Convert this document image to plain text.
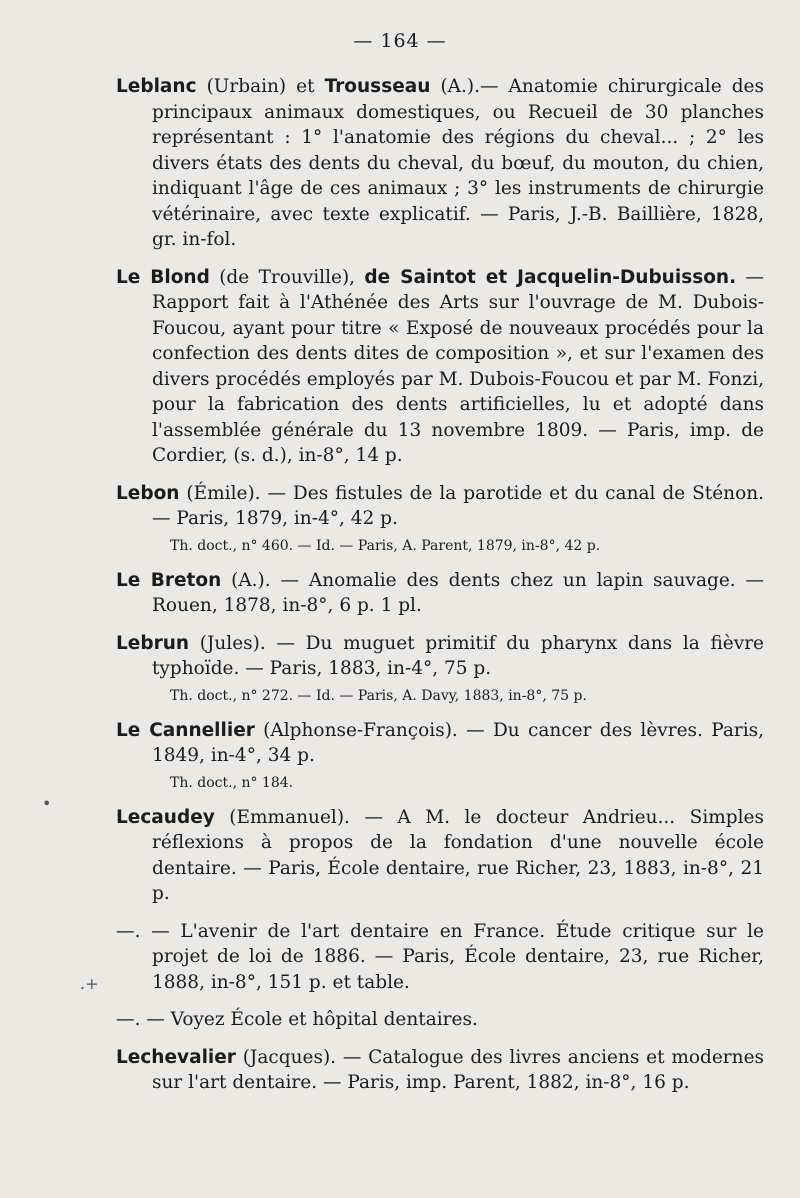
— 164 —

Leblanc (Urbain) et Trousseau (A.).— Anatomie chirurgicale des principaux animaux domestiques, ou Recueil de 30 planches représentant : 1° l'anatomie des régions du cheval... ; 2° les divers états des dents du cheval, du bœuf, du mouton, du chien, indiquant l'âge de ces animaux ; 3° les instruments de chirurgie vétérinaire, avec texte explicatif. — Paris, J.-B. Baillière, 1828, gr. in-fol.

Le Blond (de Trouville), de Saintot et Jacquelin-Dubuisson. — Rapport fait à l'Athénée des Arts sur l'ouvrage de M. Dubois-Foucou, ayant pour titre « Exposé de nouveaux procédés pour la confection des dents dites de composition », et sur l'examen des divers procédés employés par M. Dubois-Foucou et par M. Fonzi, pour la fabrication des dents artificielles, lu et adopté dans l'assemblée générale du 13 novembre 1809. — Paris, imp. de Cordier, (s. d.), in-8°, 14 p.

Lebon (Émile). — Des fistules de la parotide et du canal de Sténon. — Paris, 1879, in-4°, 42 p.

Th. doct., n° 460. — Id. — Paris, A. Parent, 1879, in-8°, 42 p.

Le Breton (A.). — Anomalie des dents chez un lapin sauvage. — Rouen, 1878, in-8°, 6 p. 1 pl.

Lebrun (Jules). — Du muguet primitif du pharynx dans la fièvre typhoïde. — Paris, 1883, in-4°, 75 p.

Th. doct., n° 272. — Id. — Paris, A. Davy, 1883, in-8°, 75 p.

Le Cannellier (Alphonse-François). — Du cancer des lèvres. Paris, 1849, in-4°, 34 p.

Th. doct., n° 184.

Lecaudey (Emmanuel). — A M. le docteur Andrieu... Simples réflexions à propos de la fondation d'une nouvelle école dentaire. — Paris, École dentaire, rue Richer, 23, 1883, in-8°, 21 p.

—. — L'avenir de l'art dentaire en France. Étude critique sur le projet de loi de 1886. — Paris, École dentaire, 23, rue Richer, 1888, in-8°, 151 p. et table.

—. — Voyez École et hôpital dentaires.

Lechevalier (Jacques). — Catalogue des livres anciens et modernes sur l'art dentaire. — Paris, imp. Parent, 1882, in-8°, 16 p.

•
.+
